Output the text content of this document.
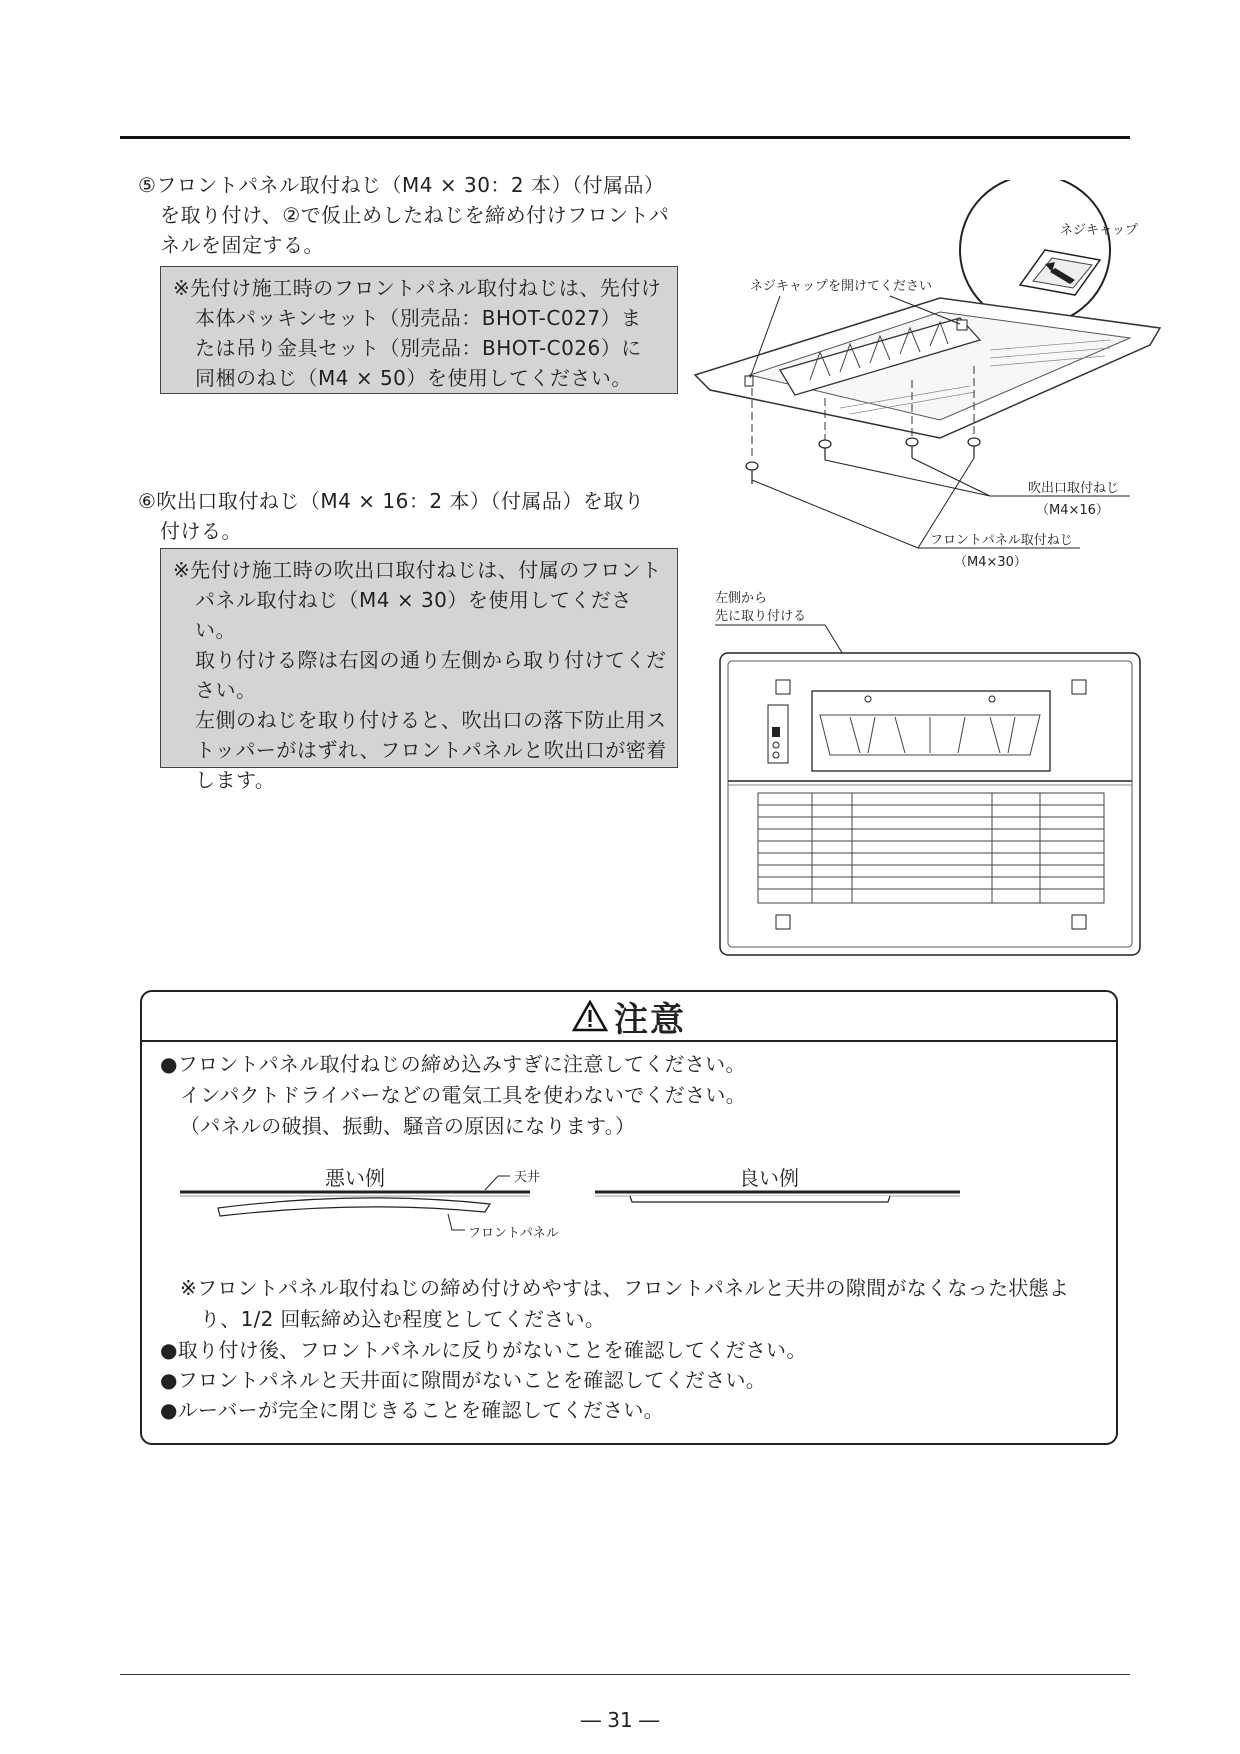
⑤フロントパネル取付ねじ（M4 × 30：2 本）（付属品）
を取り付け、②で仮止めしたねじを締め付けフロントパ
ネルを固定する。
※先付け施工時のフロントパネル取付ねじは、先付け
本体パッキンセット（別売品：BHOT-C027）ま
たは吊り金具セット（別売品：BHOT-C026）に
同梱のねじ（M4 × 50）を使用してください。
⑥吹出口取付ねじ（M4 × 16：2 本）（付属品）を取り
付ける。
※先付け施工時の吹出口取付ねじは、付属のフロント
パネル取付ねじ（M4 × 30）を使用してください。
取り付ける際は右図の通り左側から取り付けてくだ
さい。
左側のねじを取り付けると、吹出口の落下防止用ス
トッパーがはずれ、フロントパネルと吹出口が密着
します。
ネジキャップ
ネジキャップを開けてください
吹出口取付ねじ
（M4×16）
フロントパネル取付ねじ
（M4×30）
左側から
先に取り付ける
注意
●フロントパネル取付ねじの締め込みすぎに注意してください。
インパクトドライバーなどの電気工具を使わないでください。
（パネルの破損、振動、騒音の原因になります。）
悪い例	良い例
天井
フロントパネル
※フロントパネル取付ねじの締め付けめやすは、フロントパネルと天井の隙間がなくなった状態よ
り、1/2 回転締め込む程度としてください。
●取り付け後、フロントパネルに反りがないことを確認してください。
●フロントパネルと天井面に隙間がないことを確認してください。
●ルーバーが完全に閉じきることを確認してください。
― 31 ―
